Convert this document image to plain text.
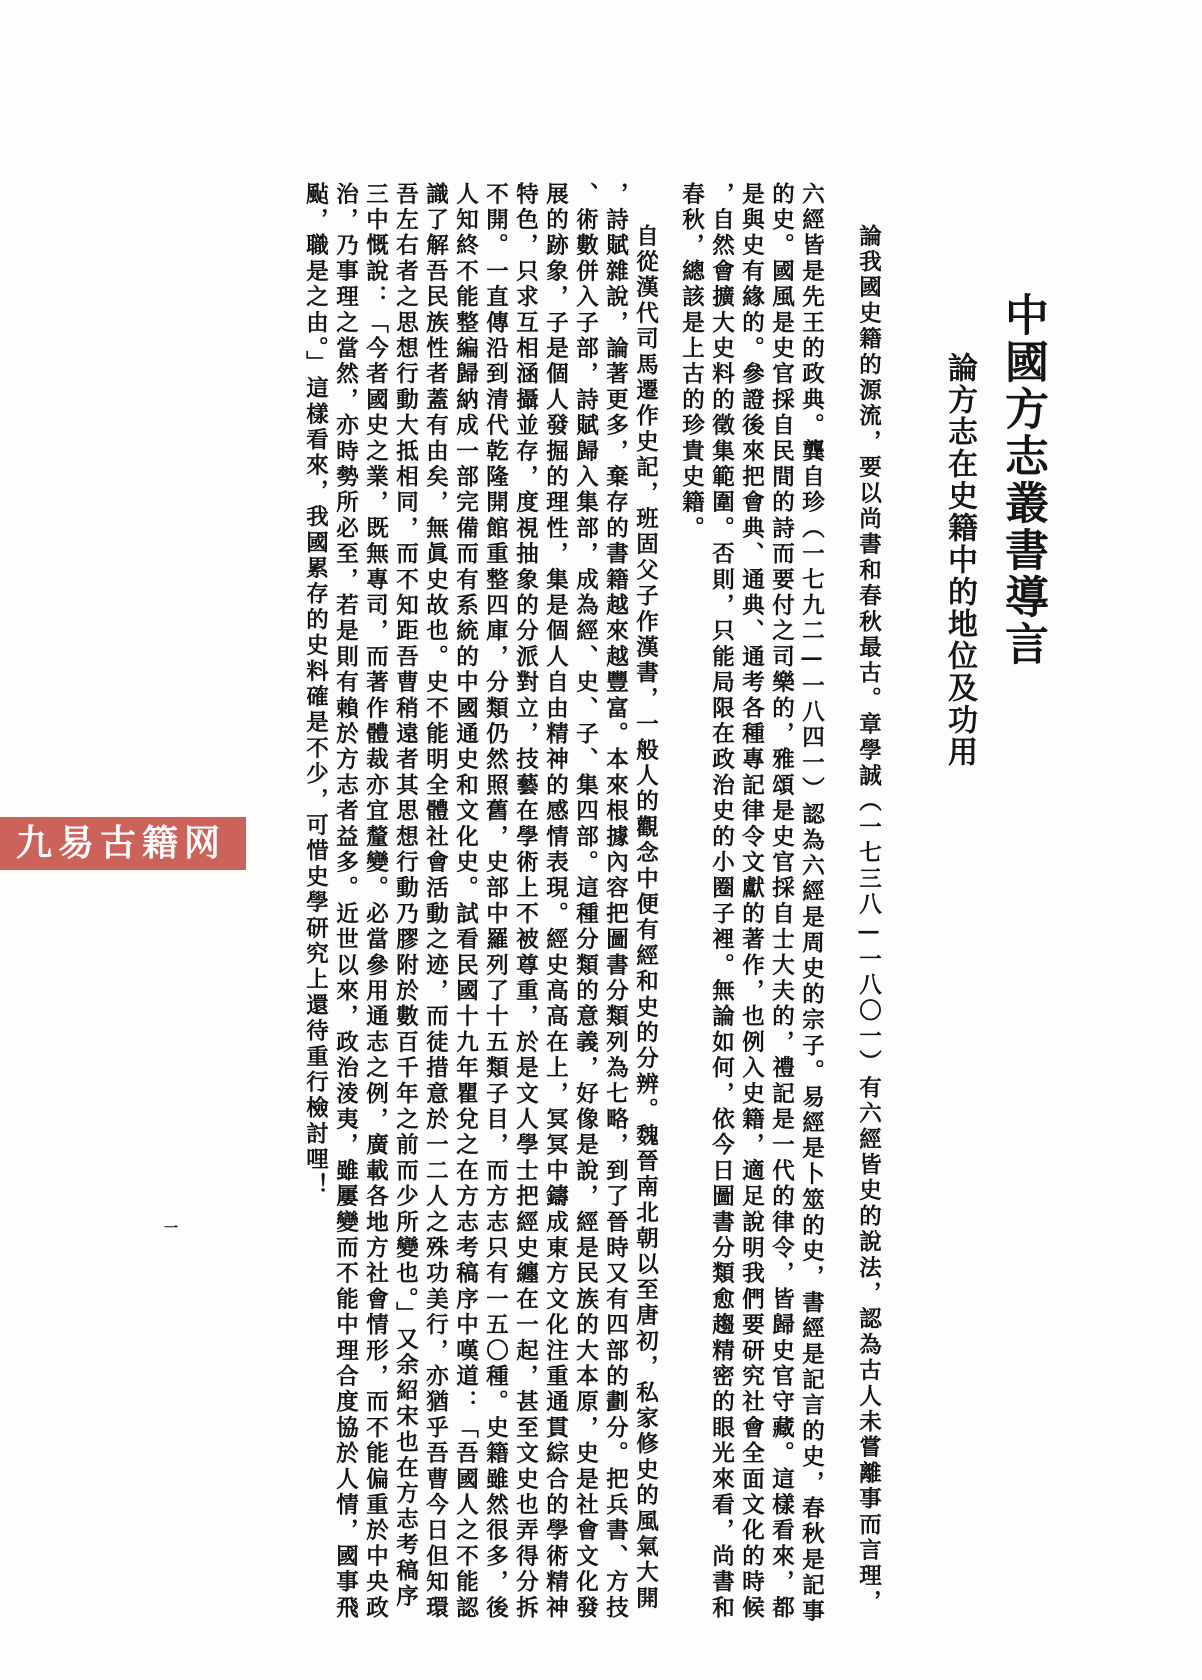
中國方志叢書導言
論方志在史籍中的地位及功用
論我國史籍的源流，要以尚書和春秋最古。章學誠（一七三八—一八〇一）有六經皆史的說法，認為古人未嘗離事而言理，
六經皆是先王的政典。龔自珍（一七九二—一八四一）認為六經是周史的宗子。易經是卜筮的史，書經是記言的史，春秋是記事
的史。國風是史官採自民間的詩而要付之司樂的，雅頌是史官採自士大夫的，禮記是一代的律令，皆歸史官守藏。這樣看來，都
是與史有緣的。參證後來把會典、通典、通考各種專記律令文獻的著作，也例入史籍，適足說明我們要研究社會全面文化的時候
，自然會擴大史料的徵集範圍。否則，只能局限在政治史的小圈子裡。無論如何，依今日圖書分類愈趨精密的眼光來看，尚書和
春秋，總該是上古的珍貴史籍。
自從漢代司馬遷作史記，班固父子作漢書，一般人的觀念中便有經和史的分辨。魏晉南北朝以至唐初，私家修史的風氣大開
，詩賦雜說，論著更多，棄存的書籍越來越豐富。本來根據內容把圖書分類列為七略，到了晉時又有四部的劃分。把兵書、方技
、術數併入子部，詩賦歸入集部，成為經、史、子、集四部。這種分類的意義，好像是說，經是民族的大本原，史是社會文化發
展的跡象，子是個人發掘的理性，集是個人自由精神的感情表現。經史高高在上，冥冥中鑄成東方文化注重通貫綜合的學術精神
特色，只求互相涵攝並存，度視抽象的分派對立，技藝在學術上不被尊重，於是文人學士把經史纏在一起，甚至文史也弄得分拆
不開。一直傳沿到清代乾隆開館重整四庫，分類仍然照舊，史部中羅列了十五類子目，而方志只有一五〇種。史籍雖然很多，後
人知終不能整編歸納成一部完備而有系統的中國通史和文化史。試看民國十九年瞿兌之在方志考稿序中嘆道：「吾國人之不能認
識了解吾民族性者蓋有由矣，無眞史故也。史不能明全體社會活動之迹，而徒措意於一二人之殊功美行，亦猶乎吾曹今日但知環
吾左右者之思想行動大抵相同，而不知距吾曹稍遠者其思想行動乃膠附於數百千年之前而少所變也。」又余紹宋也在方志考稿序
三中慨說：「今者國史之業，既無專司，而著作體裁亦宜釐變。必當參用通志之例，廣載各地方社會情形，而不能偏重於中央政
治，乃事理之當然，亦時勢所必至，若是則有賴於方志者益多。近世以來，政治淩夷，雖屢變而不能中理合度協於人情，國事飛
颭，職是之由。」這樣看來，我國累存的史料確是不少，可惜史學研究上還待重行檢討哩！
一
九易古籍网
